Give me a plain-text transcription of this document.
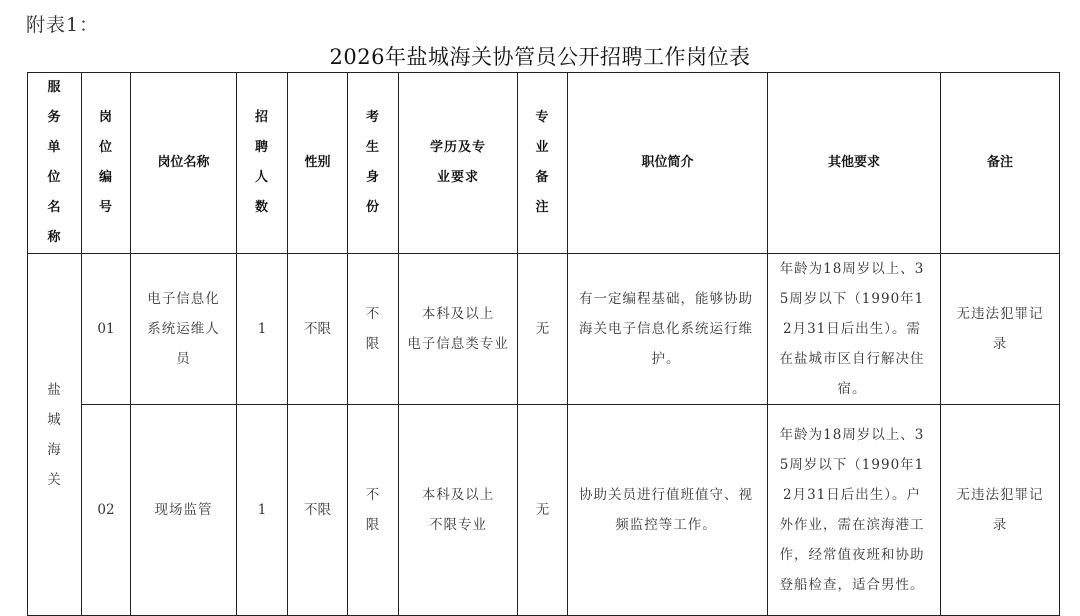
附表1：
2026年盐城海关协管员公开招聘工作岗位表
服务单位名称	岗位编号	岗位名称	招聘人数	性别	考生身份	学历及专业要求	专业备注	职位简介	其他要求	备注

盐城海关	01	电子信息化系统运维人员	1	不限	不限	本科及以上
电子信息类专业	无	有一定编程基础，能够协助海关电子信息化系统运行维护。	年龄为18周岁以上、35周岁以下（1990年12月31日后出生）。需在盐城市区自行解决住宿。	无违法犯罪记录

	02	现场监管	1	不限	不限	本科及以上
不限专业	无	协助关员进行值班值守、视频监控等工作。	年龄为18周岁以上、35周岁以下（1990年12月31日后出生）。户外作业，需在滨海港工作，经常值夜班和协助登船检查，适合男性。	无违法犯罪记录
